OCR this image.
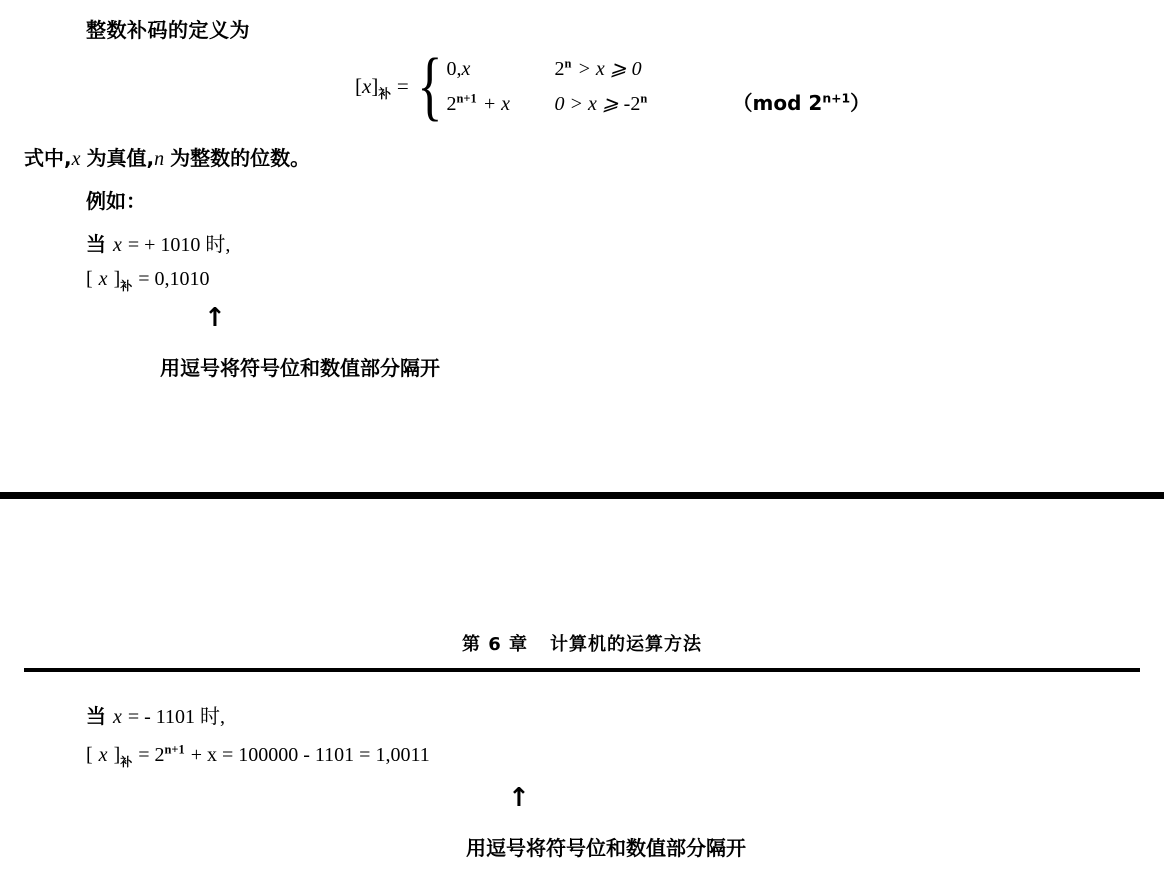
整数补码的定义为
$[x]_补$ = { 0,x	$2^n > x$ ⩾ 0
$2^{n+1} + x$	0 > x ⩾ -2$^n$	（mod $2^{n+1}$）
式中,x 为真值,n 为整数的位数。
例如：
当 x = + 1010 时,
[ x ]$_补 = 0,1010$
↑
用逗号将符号位和数值部分隔开
第 6 章 计算机的运算方法
当 x = - 1101 时,
[ x ]$_补 = 2^{n+1} + x = 100000 - 1101 = 1,0011$
↑
用逗号将符号位和数值部分隔开
